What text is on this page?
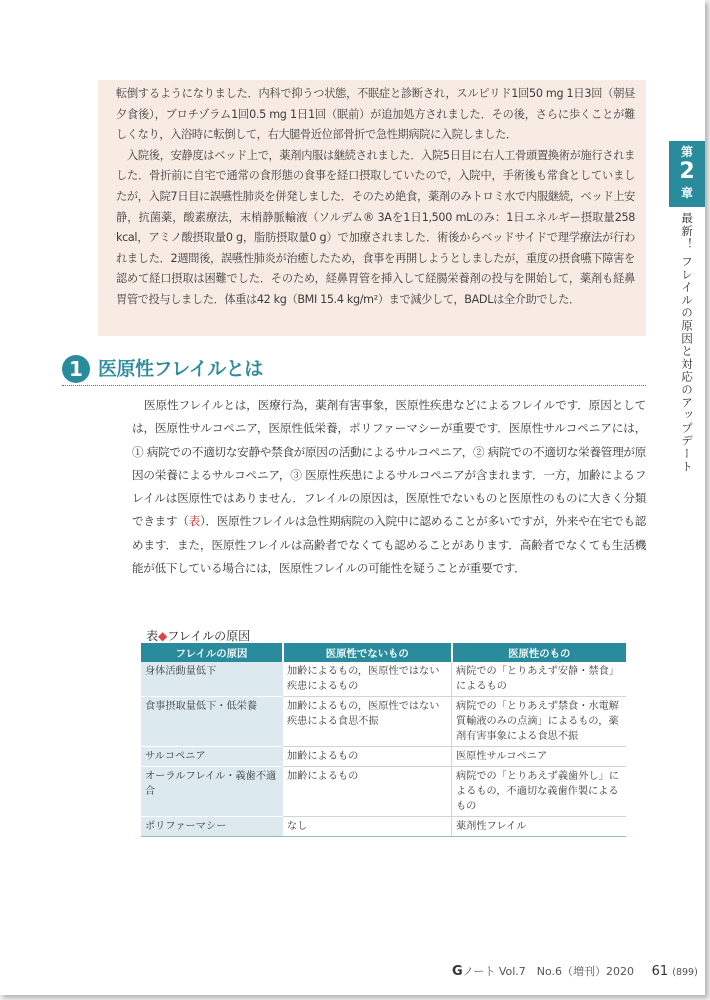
転倒するようになりました．内科で抑うつ状態，不眠症と診断され，スルピリド1回50 mg 1日3回（朝昼夕食後），ブロチゾラム1回0.5 mg 1日1回（眠前）が追加処方されました．その後，さらに歩くことが難しくなり，入浴時に転倒して，右大腿骨近位部骨折で急性期病院に入院しました．

入院後，安静度はベッド上で，薬剤内服は継続されました．入院5日目に右人工骨頭置換術が施行されました．骨折前に自宅で通常の食形態の食事を経口摂取していたので，入院中，手術後も常食としていましたが，入院7日目に誤嚥性肺炎を併発しました．そのため絶食，薬剤のみトロミ水で内服継続，ベッド上安静，抗菌薬，酸素療法，末梢静脈輸液（ソルデム® 3Aを1日1,500 mLのみ：1日エネルギー摂取量258 kcal，アミノ酸摂取量0 g，脂肪摂取量0 g）で加療されました．術後からベッドサイドで理学療法が行われました．2週間後，誤嚥性肺炎が治癒したため，食事を再開しようとしましたが，重度の摂食嚥下障害を認めて経口摂取は困難でした．そのため，経鼻胃管を挿入して経腸栄養剤の投与を開始して，薬剤も経鼻胃管で投与しました．体重は42 kg（BMI 15.4 kg/m²）まで減少して，BADLは全介助でした．

第
2
章
最新！ フレイルの原因と対応のアップデート
1 医原性フレイルとは

医原性フレイルとは，医療行為，薬剤有害事象，医原性疾患などによるフレイルです．原因としては，医原性サルコペニア，医原性低栄養，ポリファーマシーが重要です．医原性サルコペニアには，① 病院での不適切な安静や禁食が原因の活動によるサルコペニア，② 病院での不適切な栄養管理が原因の栄養によるサルコペニア，③ 医原性疾患によるサルコペニアが含まれます．一方，加齢によるフレイルは医原性ではありません．フレイルの原因は，医原性でないものと医原性のものに大きく分類できます（表）．医原性フレイルは急性期病院の入院中に認めることが多いですが，外来や在宅でも認めます．また，医原性フレイルは高齢者でなくても認めることがあります．高齢者でなくても生活機能が低下している場合には，医原性フレイルの可能性を疑うことが重要です．

表◆フレイルの原因
フレイルの原因	医原性でないもの	医原性のもの
身体活動量低下	加齢によるもの，医原性ではない疾患によるもの	病院での「とりあえず安静・禁食」によるもの
食事摂取量低下・低栄養	加齢によるもの，医原性ではない疾患による食思不振	病院での「とりあえず禁食・水電解質輸液のみの点滴」によるもの，薬剤有害事象による食思不振
サルコペニア	加齢によるもの	医原性サルコペニア
オーラルフレイル・義歯不適合	加齢によるもの	病院での「とりあえず義歯外し」によるもの，不適切な義歯作製によるもの
ポリファーマシー	なし	薬剤性フレイル
Gノート Vol.7　No.6（増刊）2020 61 (899)
